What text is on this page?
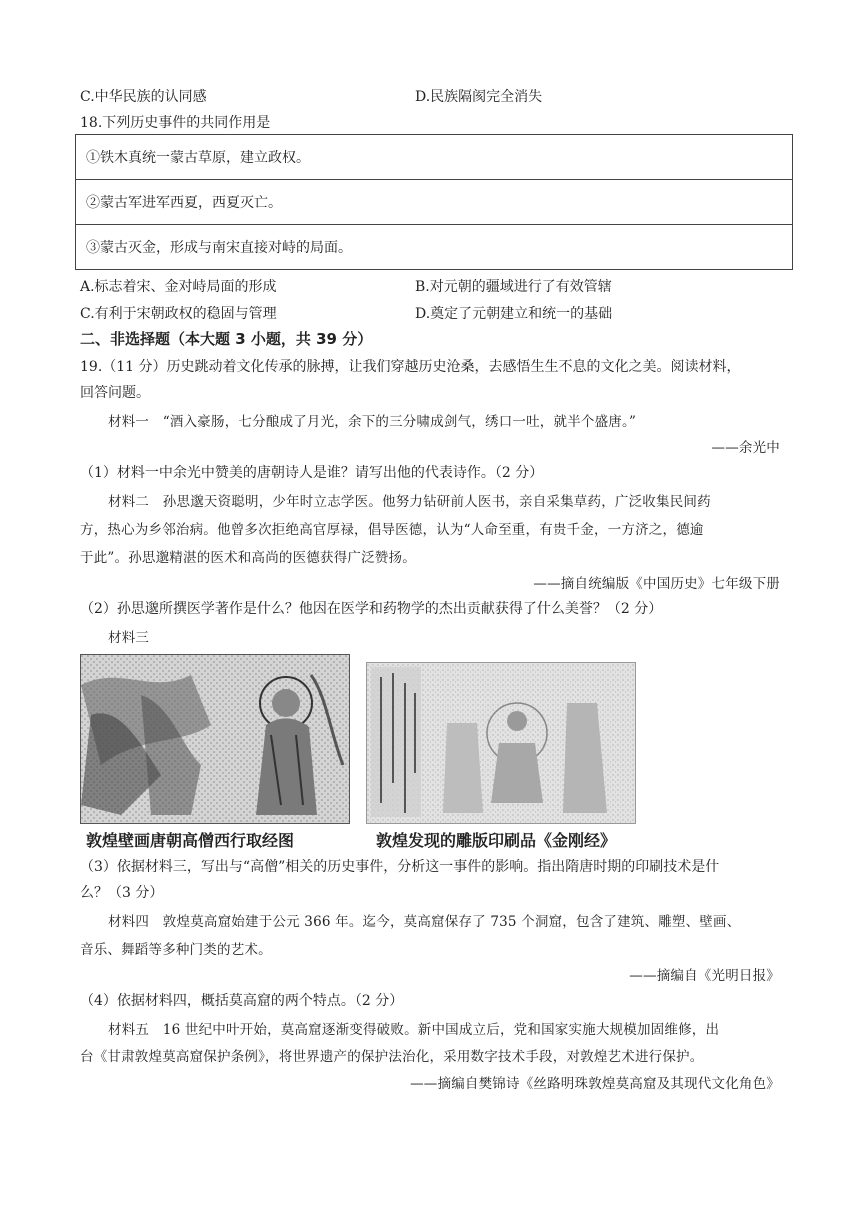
C.中华民族的认同感	D.民族隔阂完全消失
18.下列历史事件的共同作用是
①铁木真统一蒙古草原，建立政权。
②蒙古军进军西夏，西夏灭亡。
③蒙古灭金，形成与南宋直接对峙的局面。
A.标志着宋、金对峙局面的形成	B.对元朝的疆域进行了有效管辖
C.有利于宋朝政权的稳固与管理	D.奠定了元朝建立和统一的基础
二、非选择题（本大题 3 小题，共 39 分）
19.（11 分）历史跳动着文化传承的脉搏，让我们穿越历史沧桑，去感悟生生不息的文化之美。阅读材料，
回答问题。
材料一　“酒入豪肠，七分酿成了月光，余下的三分啸成剑气，绣口一吐，就半个盛唐。”
——余光中
（1）材料一中余光中赞美的唐朝诗人是谁？请写出他的代表诗作。（2 分）
材料二　孙思邈天资聪明，少年时立志学医。他努力钻研前人医书，亲自采集草药，广泛收集民间药
方，热心为乡邻治病。他曾多次拒绝高官厚禄，倡导医德，认为“人命至重，有贵千金，一方济之，德逾
于此”。孙思邈精湛的医术和高尚的医德获得广泛赞扬。
——摘自统编版《中国历史》七年级下册
（2）孙思邈所撰医学著作是什么？他因在医学和药物学的杰出贡献获得了什么美誉？（2 分）
材料三
敦煌壁画唐朝高僧西行取经图	敦煌发现的雕版印刷品《金刚经》
（3）依据材料三，写出与“高僧”相关的历史事件，分析这一事件的影响。指出隋唐时期的印刷技术是什
么？（3 分）
材料四　敦煌莫高窟始建于公元 366 年。迄今，莫高窟保存了 735 个洞窟，包含了建筑、雕塑、壁画、
音乐、舞蹈等多种门类的艺术。
——摘编自《光明日报》
（4）依据材料四，概括莫高窟的两个特点。（2 分）
材料五　16 世纪中叶开始，莫高窟逐渐变得破败。新中国成立后，党和国家实施大规模加固维修，出
台《甘肃敦煌莫高窟保护条例》，将世界遗产的保护法治化，采用数字技术手段，对敦煌艺术进行保护。
——摘编自樊锦诗《丝路明珠敦煌莫高窟及其现代文化角色》
